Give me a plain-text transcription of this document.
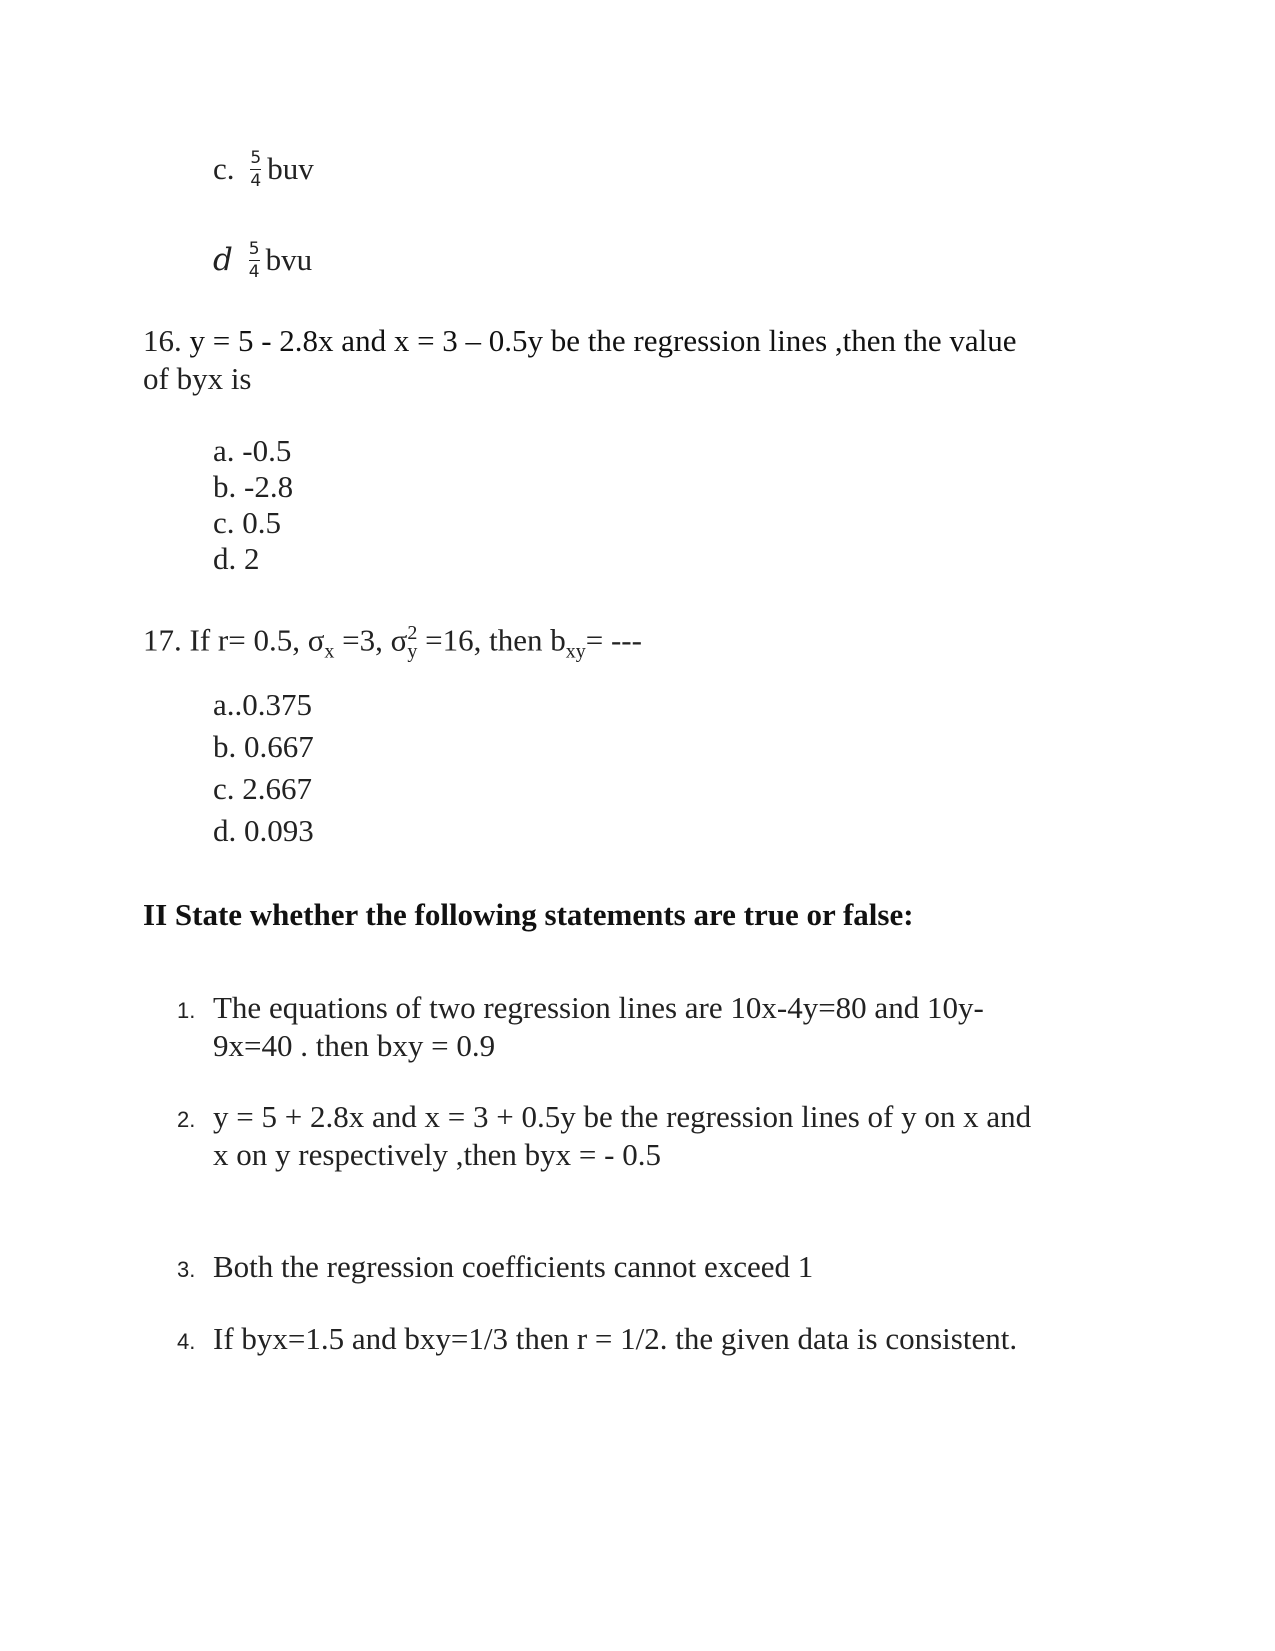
c. $\frac{5}{4}$ buv
d $\frac{5}{4}$ bvu
16. y = 5 - 2.8x and x = 3 – 0.5y be the regression lines ,then the value
of byx is
a. -0.5
b. -2.8
c. 0.5
d. 2
17. If r= 0.5, $\sigma_x =3$, $\sigma_y^2 =16$, then $b_{xy}=$ ---
a..0.375
b. 0.667
c. 2.667
d. 0.093
II State whether the following statements are true or false:
1. The equations of two regression lines are 10x-4y=80 and 10y-
9x=40 . then bxy = 0.9
2. y = 5 + 2.8x and x = 3 + 0.5y be the regression lines of y on x and
x on y respectively ,then byx = - 0.5
3. Both the regression coefficients cannot exceed 1
4. If byx=1.5 and bxy=1/3 then r = 1/2. the given data is consistent.
